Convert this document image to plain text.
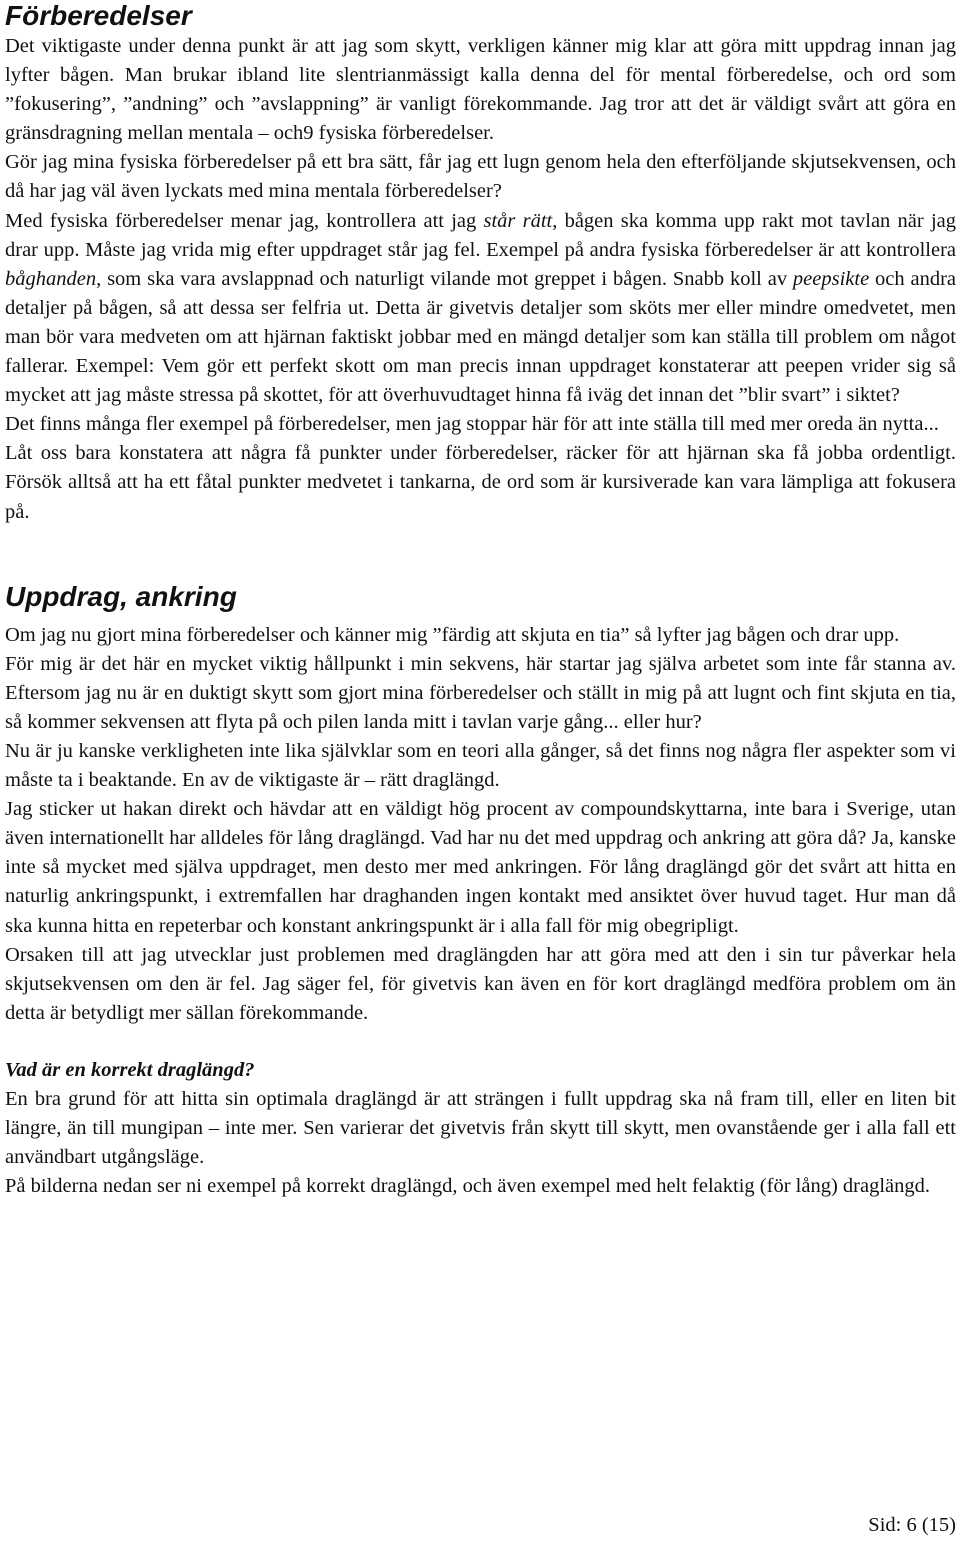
Förberedelser

Det viktigaste under denna punkt är att jag som skytt, verkligen känner mig klar att göra mitt uppdrag innan jag lyfter bågen. Man brukar ibland lite slentrianmässigt kalla denna del för mental förberedelse, och ord som ”fokusering”, ”andning” och ”avslappning” är vanligt förekommande. Jag tror att det är väldigt svårt att göra en gränsdragning mellan mentala – och9 fysiska förberedelser.

Gör jag mina fysiska förberedelser på ett bra sätt, får jag ett lugn genom hela den efterföljande skjutsekvensen, och då har jag väl även lyckats med mina mentala förberedelser?

Med fysiska förberedelser menar jag, kontrollera att jag står rätt, bågen ska komma upp rakt mot tavlan när jag drar upp. Måste jag vrida mig efter uppdraget står jag fel. Exempel på andra fysiska förberedelser är att kontrollera båghanden, som ska vara avslappnad och naturligt vilande mot greppet i bågen. Snabb koll av peepsikte och andra detaljer på bågen, så att dessa ser felfria ut. Detta är givetvis detaljer som sköts mer eller mindre omedvetet, men man bör vara medveten om att hjärnan faktiskt jobbar med en mängd detaljer som kan ställa till problem om något fallerar. Exempel: Vem gör ett perfekt skott om man precis innan uppdraget konstaterar att peepen vrider sig så mycket att jag måste stressa på skottet, för att överhuvudtaget hinna få iväg det innan det ”blir svart” i siktet?

Det finns många fler exempel på förberedelser, men jag stoppar här för att inte ställa till med mer oreda än nytta...

Låt oss bara konstatera att några få punkter under förberedelser, räcker för att hjärnan ska få jobba ordentligt. Försök alltså att ha ett fåtal punkter medvetet i tankarna, de ord som är kursiverade kan vara lämpliga att fokusera på.

Uppdrag, ankring

Om jag nu gjort mina förberedelser och känner mig ”färdig att skjuta en tia” så lyfter jag bågen och drar upp.

För mig är det här en mycket viktig hållpunkt i min sekvens, här startar jag själva arbetet som inte får stanna av. Eftersom jag nu är en duktigt skytt som gjort mina förberedelser och ställt in mig på att lugnt och fint skjuta en tia, så kommer sekvensen att flyta på och pilen landa mitt i tavlan varje gång... eller hur?

Nu är ju kanske verkligheten inte lika självklar som en teori alla gånger, så det finns nog några fler aspekter som vi måste ta i beaktande. En av de viktigaste är – rätt draglängd.

Jag sticker ut hakan direkt och hävdar att en väldigt hög procent av compoundskyttarna, inte bara i Sverige, utan även internationellt har alldeles för lång draglängd. Vad har nu det med uppdrag och ankring att göra då? Ja, kanske inte så mycket med själva uppdraget, men desto mer med ankringen. För lång draglängd gör det svårt att hitta en naturlig ankringspunkt, i extremfallen har draghanden ingen kontakt med ansiktet över huvud taget. Hur man då ska kunna hitta en repeterbar och konstant ankringspunkt är i alla fall för mig obegripligt.

Orsaken till att jag utvecklar just problemen med draglängden har att göra med att den i sin tur påverkar hela skjutsekvensen om den är fel. Jag säger fel, för givetvis kan även en för kort draglängd medföra problem om än detta är betydligt mer sällan förekommande.

Vad är en korrekt draglängd?

En bra grund för att hitta sin optimala draglängd är att strängen i fullt uppdrag ska nå fram till, eller en liten bit längre, än till mungipan – inte mer. Sen varierar det givetvis från skytt till skytt, men ovanstående ger i alla fall ett användbart utgångsläge.

På bilderna nedan ser ni exempel på korrekt draglängd, och även exempel med helt felaktig (för lång) draglängd.

Sid: 6 (15)
